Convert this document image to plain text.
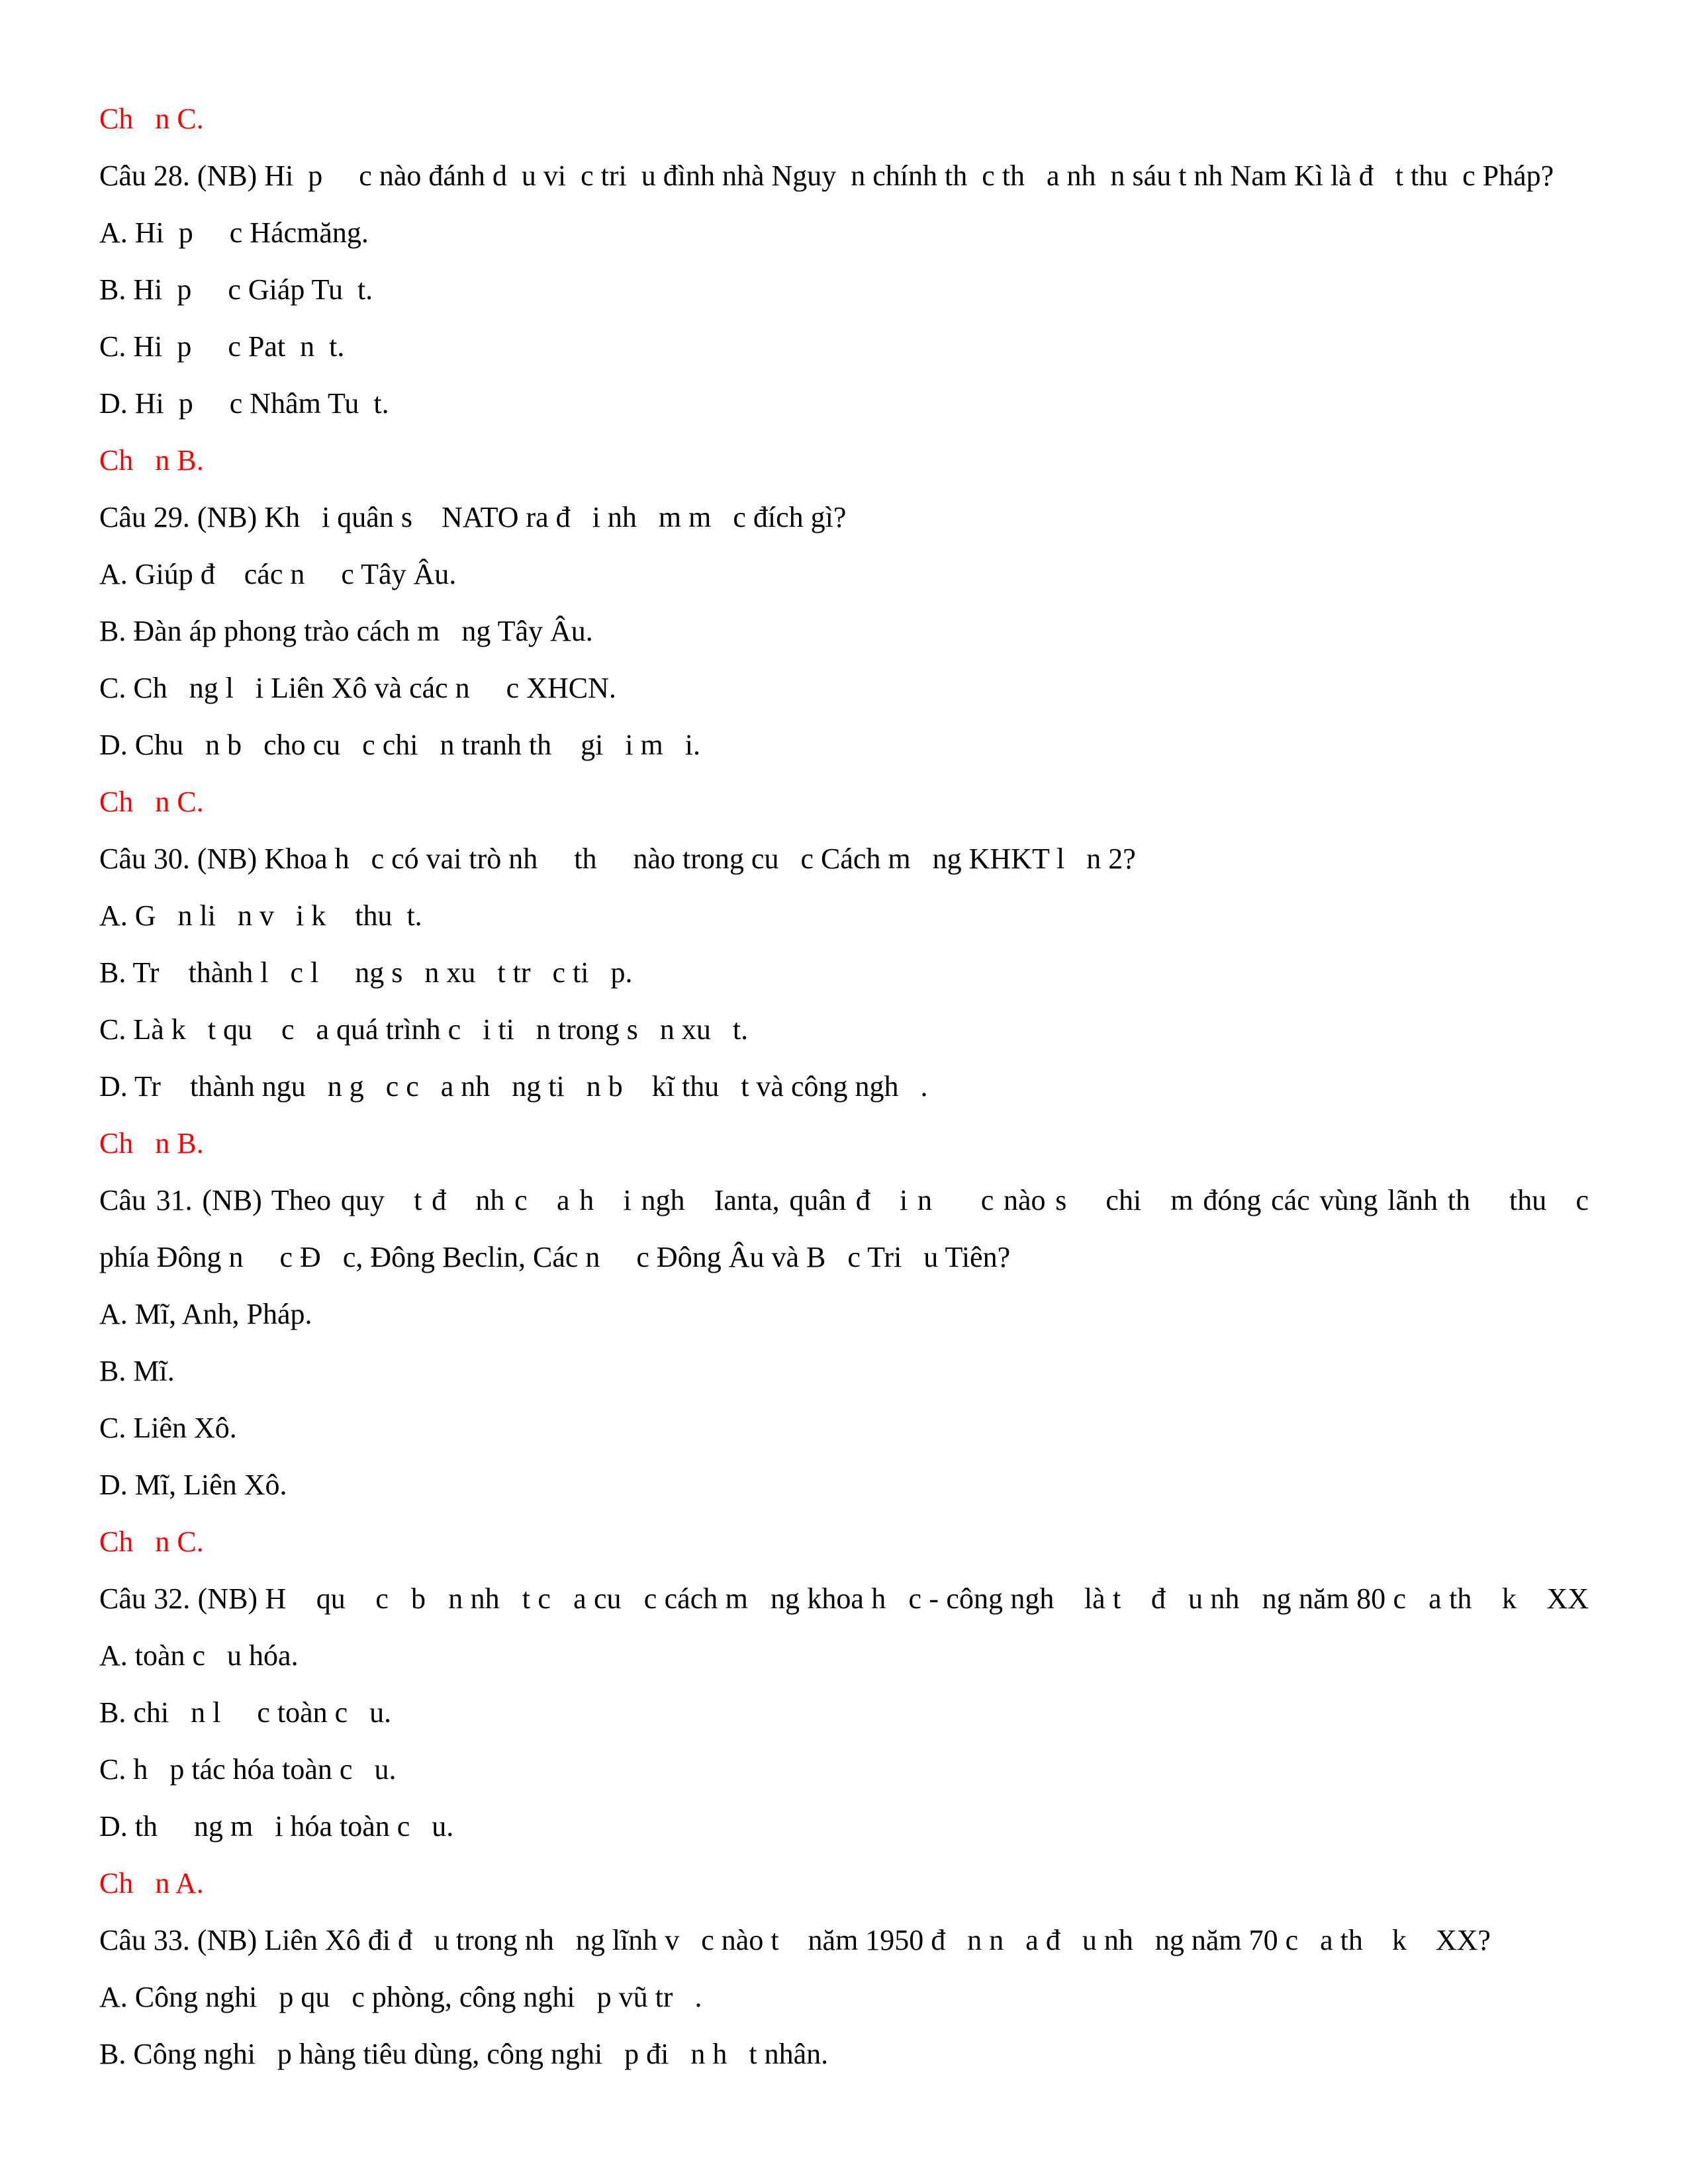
Ch   n C.
Câu 28. (NB) Hi  p     c nào đánh d  u vi  c tri  u đình nhà Nguy  n chính th  c th   a nh  n sáu t nh Nam Kì là đ   t thu  c Pháp?
A. Hi  p     c Hácmăng.
B. Hi  p     c Giáp Tu  t.
C. Hi  p     c Pat  n  t.
D. Hi  p     c Nhâm Tu  t.
Ch   n B.
Câu 29. (NB) Kh   i quân s    NATO ra đ   i nh   m m   c đích gì?
A. Giúp đ    các n     c Tây Âu.
B. Đàn áp phong trào cách m   ng Tây Âu.
C. Ch   ng l   i Liên Xô và các n     c XHCN.
D. Chu   n b   cho cu   c chi   n tranh th    gi   i m   i.
Ch   n C.
Câu 30. (NB) Khoa h   c có vai trò nh     th     nào trong cu   c Cách m   ng KHKT l   n 2?
A. G   n li   n v   i k    thu  t.
B. Tr    thành l   c l     ng s   n xu   t tr   c ti   p.
C. Là k   t qu    c   a quá trình c   i ti   n trong s   n xu   t.
D. Tr    thành ngu   n g   c c   a nh   ng ti   n b    kĩ thu   t và công ngh   .
Ch   n B.
Câu 31. (NB) Theo quy   t đ   nh c   a h   i ngh   Ianta, quân đ   i n     c nào s    chi   m đóng các vùng lãnh th    thu   c
phía Đông n     c Đ   c, Đông Beclin, Các n     c Đông Âu và B   c Tri   u Tiên?
A. Mĩ, Anh, Pháp.
B. Mĩ.
C. Liên Xô.
D. Mĩ, Liên Xô.
Ch   n C.
Câu 32. (NB) H    qu    c   b   n nh   t c   a cu   c cách m   ng khoa h   c - công ngh    là t    đ   u nh   ng năm 80 c   a th    k    XX
A. toàn c   u hóa.
B. chi   n l     c toàn c   u.
C. h   p tác hóa toàn c   u.
D. th     ng m   i hóa toàn c   u.
Ch   n A.
Câu 33. (NB) Liên Xô đi đ   u trong nh   ng lĩnh v   c nào t    năm 1950 đ   n n   a đ   u nh   ng năm 70 c   a th    k    XX?
A. Công nghi   p qu   c phòng, công nghi   p vũ tr   .
B. Công nghi   p hàng tiêu dùng, công nghi   p đi   n h   t nhân.
